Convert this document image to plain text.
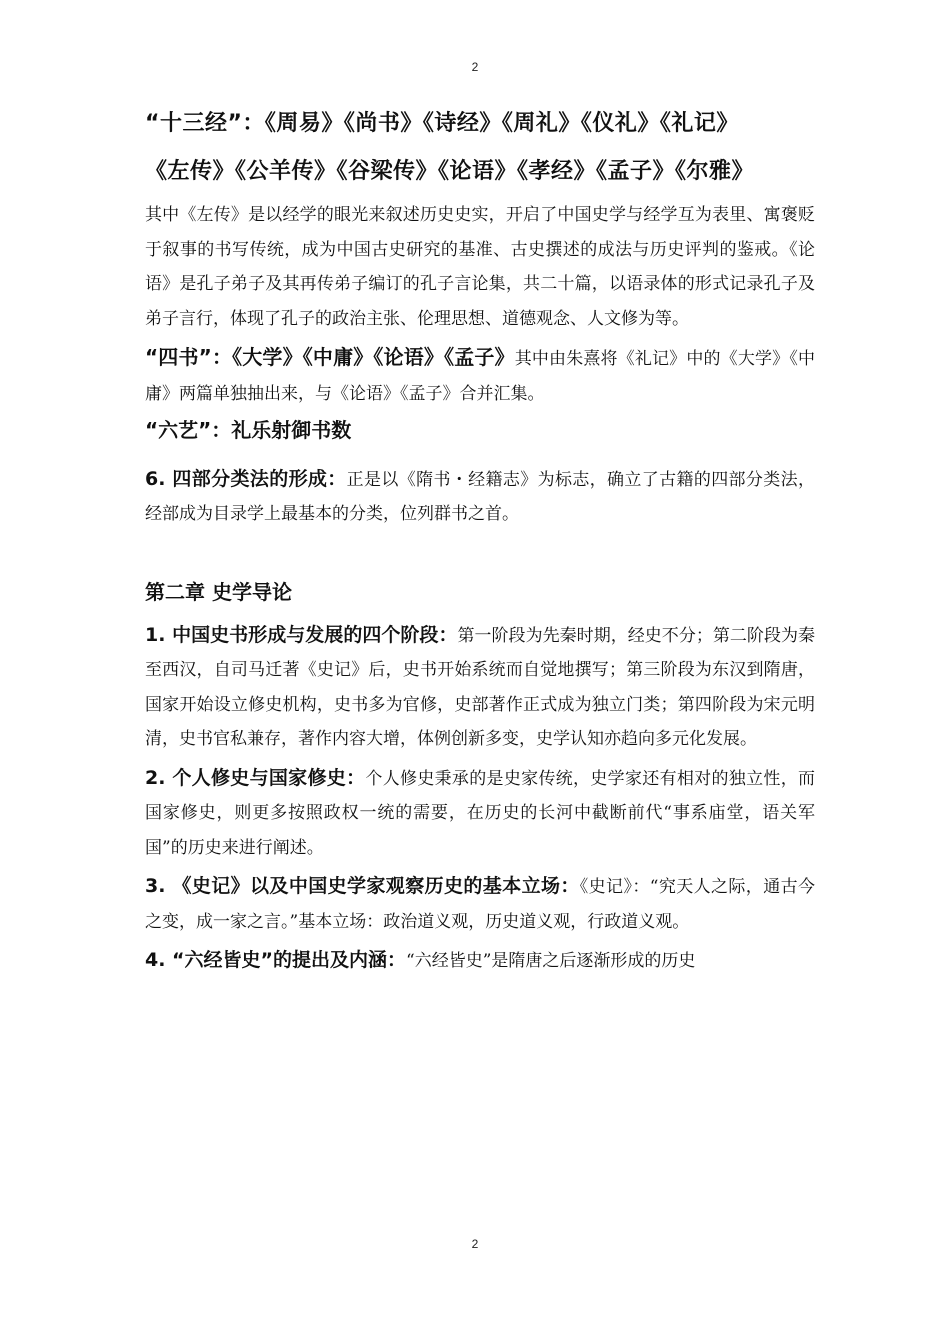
2
“十三经”：《周易》《尚书》《诗经》《周礼》《仪礼》《礼记》
《左传》《公羊传》《谷梁传》《论语》《孝经》《孟子》《尔雅》
其中《左传》是以经学的眼光来叙述历史史实，开启了中国史学与经学互为表里、寓褒贬于叙事的书写传统，成为中国古史研究的基准、古史撰述的成法与历史评判的鉴戒。《论语》是孔子弟子及其再传弟子编订的孔子言论集，共二十篇，以语录体的形式记录孔子及弟子言行，体现了孔子的政治主张、伦理思想、道德观念、人文修为等。
“四书”：《大学》《中庸》《论语》《孟子》其中由朱熹将《礼记》中的《大学》《中庸》两篇单独抽出来，与《论语》《孟子》合并汇集。
“六艺”：礼乐射御书数
6. 四部分类法的形成：正是以《隋书・经籍志》为标志，确立了古籍的四部分类法，经部成为目录学上最基本的分类，位列群书之首。
第二章 史学导论
1. 中国史书形成与发展的四个阶段：第一阶段为先秦时期，经史不分；第二阶段为秦至西汉，自司马迁著《史记》后，史书开始系统而自觉地撰写；第三阶段为东汉到隋唐，国家开始设立修史机构，史书多为官修，史部著作正式成为独立门类；第四阶段为宋元明清，史书官私兼存，著作内容大增，体例创新多变，史学认知亦趋向多元化发展。
2. 个人修史与国家修史：个人修史秉承的是史家传统，史学家还有相对的独立性，而国家修史，则更多按照政权一统的需要，在历史的长河中截断前代“事系庙堂，语关军国”的历史来进行阐述。
3. 《史记》以及中国史学家观察历史的基本立场：《史记》：“究天人之际，通古今之变，成一家之言。”基本立场：政治道义观，历史道义观，行政道义观。
4. “六经皆史”的提出及内涵：“六经皆史”是隋唐之后逐渐形成的历史
2
